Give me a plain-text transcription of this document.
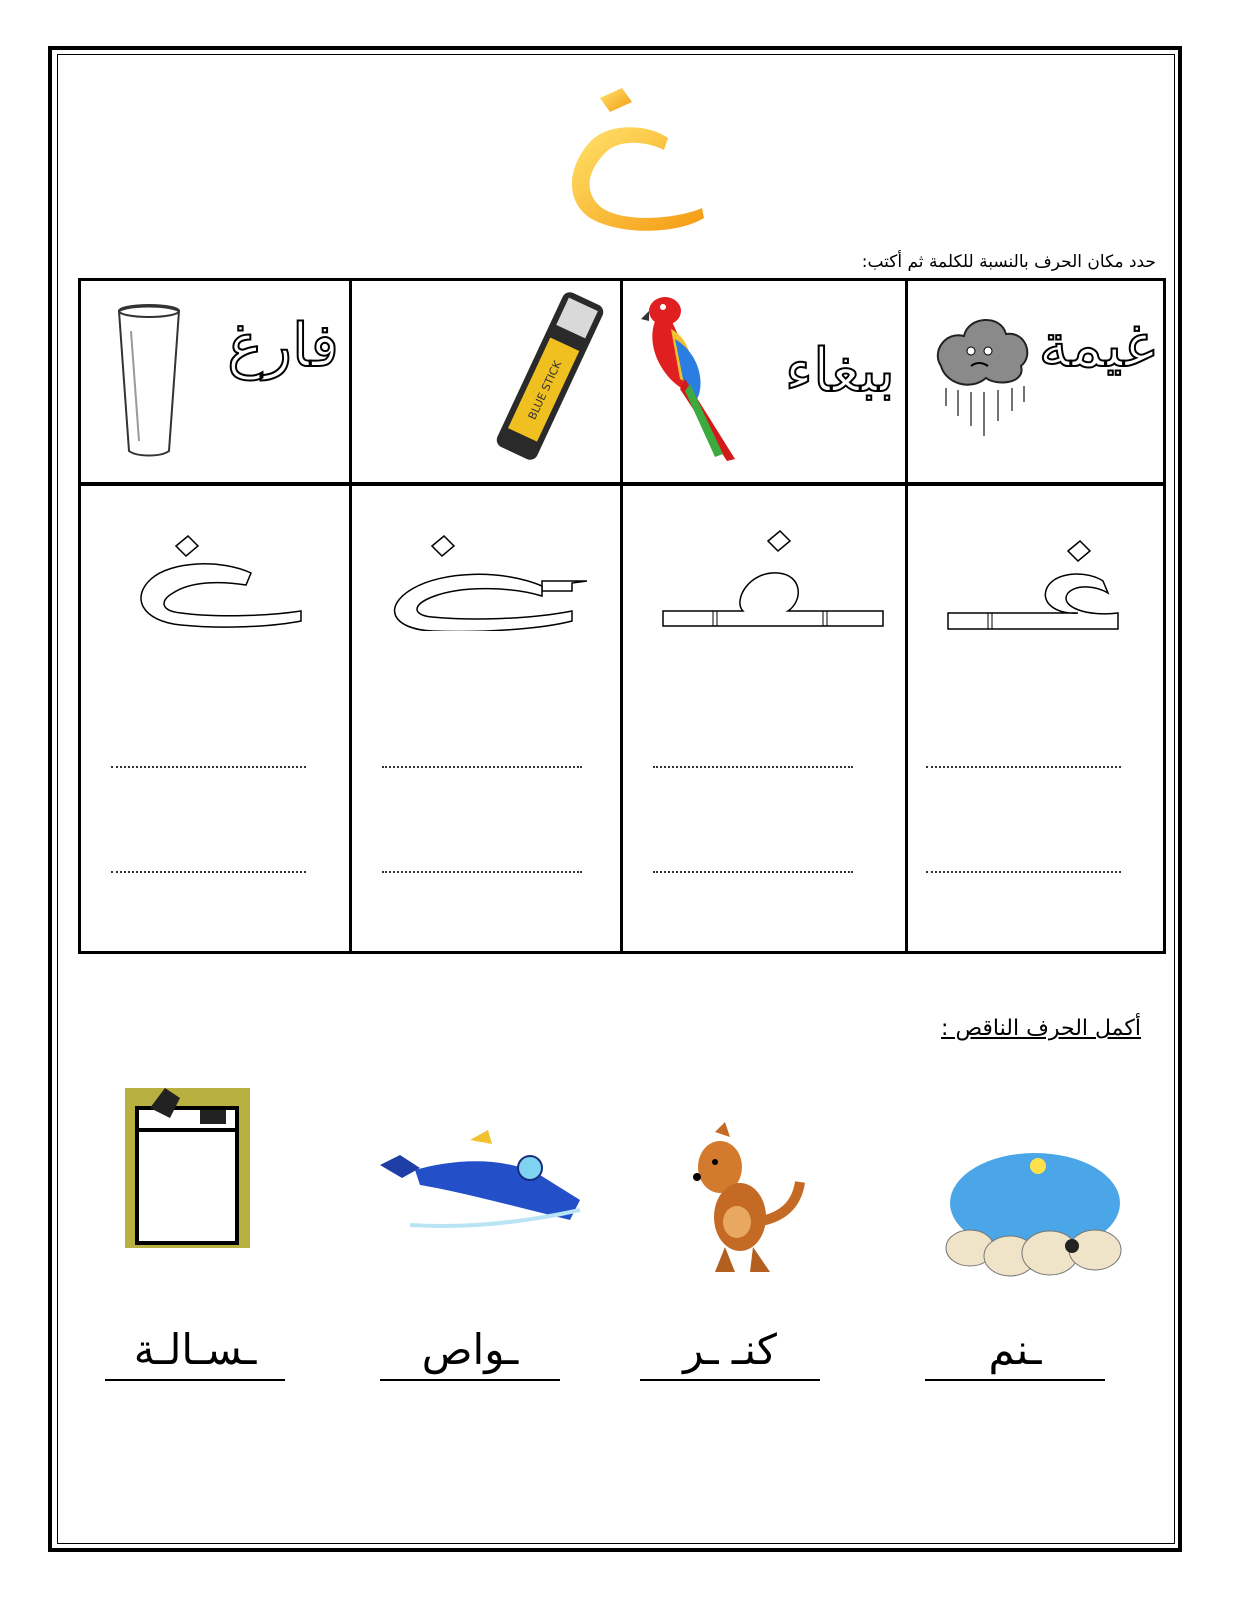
غ
حدد مكان الحرف بالنسبة للكلمة ثم أكتب:
غيمة
ببغاء
BLUE STICK
فارغ
أكمل الحرف الناقص :
ـنم
كنـ ـر
ـواص
ـسـالـة
